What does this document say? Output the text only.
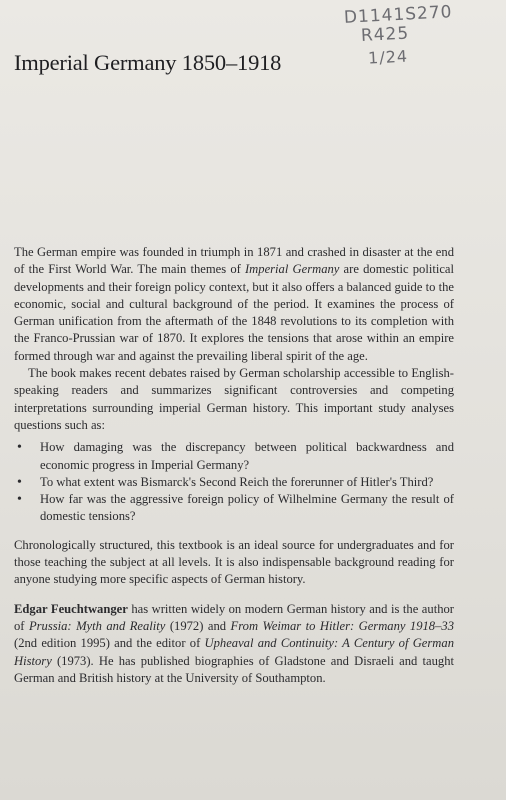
D1141S270
R425
1/24
Imperial Germany 1850–1918

The German empire was founded in triumph in 1871 and crashed in disaster at the end of the First World War. The main themes of Imperial Germany are domestic political developments and their foreign policy context, but it also offers a balanced guide to the economic, social and cultural background of the period. It examines the process of German unification from the aftermath of the 1848 revolutions to its completion with the Franco-Prussian war of 1870. It explores the tensions that arose within an empire formed through war and against the prevailing liberal spirit of the age.

The book makes recent debates raised by German scholarship accessible to English-speaking readers and summarizes significant controversies and competing interpretations surrounding imperial German history. This important study analyses questions such as:

• How damaging was the discrepancy between political backwardness and economic progress in Imperial Germany?
• To what extent was Bismarck's Second Reich the forerunner of Hitler's Third?
• How far was the aggressive foreign policy of Wilhelmine Germany the result of domestic tensions?

Chronologically structured, this textbook is an ideal source for undergraduates and for those teaching the subject at all levels. It is also indispensable background reading for anyone studying more specific aspects of German history.

Edgar Feuchtwanger has written widely on modern German history and is the author of Prussia: Myth and Reality (1972) and From Weimar to Hitler: Germany 1918–33 (2nd edition 1995) and the editor of Upheaval and Continuity: A Century of German History (1973). He has published biographies of Gladstone and Disraeli and taught German and British history at the University of Southampton.
